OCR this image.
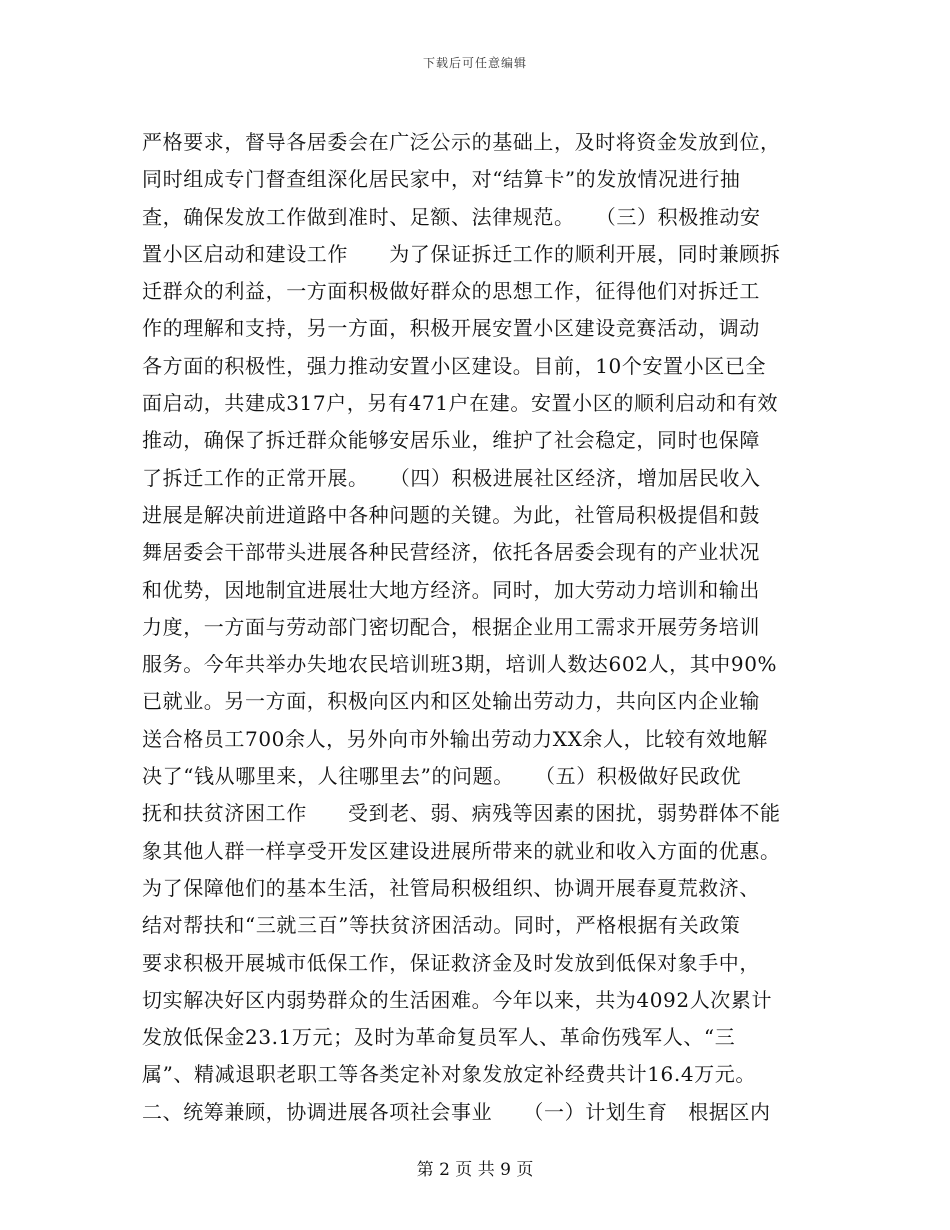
下载后可任意编辑
严格要求，督导各居委会在广泛公示的基础上，及时将资金发放到位，
同时组成专门督查组深化居民家中，对“结算卡”的发放情况进行抽
查，确保发放工作做到准时、足额、法律规范。　　（三）积极推动安
置小区启动和建设工作　　为了保证拆迁工作的顺利开展，同时兼顾拆
迁群众的利益，一方面积极做好群众的思想工作，征得他们对拆迁工
作的理解和支持，另一方面，积极开展安置小区建设竞赛活动，调动
各方面的积极性，强力推动安置小区建设。目前，10个安置小区已全
面启动，共建成317户，另有471户在建。安置小区的顺利启动和有效
推动，确保了拆迁群众能够安居乐业，维护了社会稳定，同时也保障
了拆迁工作的正常开展。　　（四）积极进展社区经济，增加居民收入
进展是解决前进道路中各种问题的关键。为此，社管局积极提倡和鼓
舞居委会干部带头进展各种民营经济，依托各居委会现有的产业状况
和优势，因地制宜进展壮大地方经济。同时，加大劳动力培训和输出
力度，一方面与劳动部门密切配合，根据企业用工需求开展劳务培训
服务。今年共举办失地农民培训班3期，培训人数达602人，其中90%
已就业。另一方面，积极向区内和区处输出劳动力，共向区内企业输
送合格员工700余人，另外向市外输出劳动力XX余人，比较有效地解
决了“钱从哪里来，人往哪里去”的问题。　　（五）积极做好民政优
抚和扶贫济困工作　　受到老、弱、病残等因素的困扰，弱势群体不能
象其他人群一样享受开发区建设进展所带来的就业和收入方面的优惠。
为了保障他们的基本生活，社管局积极组织、协调开展春夏荒救济、
结对帮扶和“三就三百”等扶贫济困活动。同时，严格根据有关政策
要求积极开展城市低保工作，保证救济金及时发放到低保对象手中，
切实解决好区内弱势群众的生活困难。今年以来，共为4092人次累计
发放低保金23.1万元；及时为革命复员军人、革命伤残军人、“三
属”、精减退职老职工等各类定补对象发放定补经费共计16.4万元。
二、统筹兼顾，协调进展各项社会事业　　（一）计划生育　根据区内
第 2 页 共 9 页
